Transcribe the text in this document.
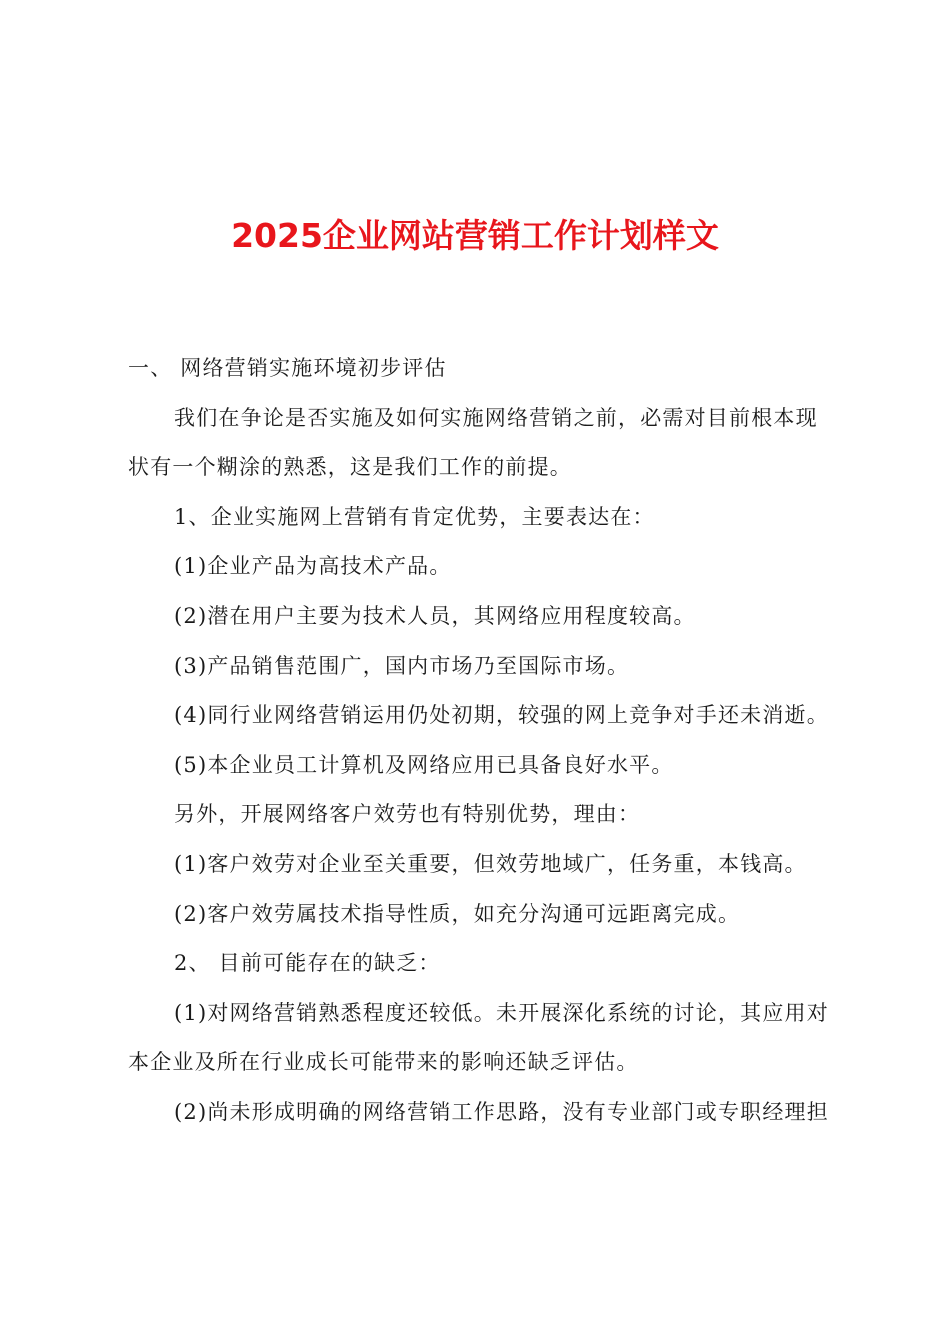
2025企业网站营销工作计划样文

一、 网络营销实施环境初步评估

我们在争论是否实施及如何实施网络营销之前，必需对目前根本现状有一个糊涂的熟悉，这是我们工作的前提。

1、企业实施网上营销有肯定优势，主要表达在：

(1)企业产品为高技术产品。

(2)潜在用户主要为技术人员，其网络应用程度较高。

(3)产品销售范围广，国内市场乃至国际市场。

(4)同行业网络营销运用仍处初期，较强的网上竞争对手还未消逝。

(5)本企业员工计算机及网络应用已具备良好水平。

另外，开展网络客户效劳也有特别优势，理由：

(1)客户效劳对企业至关重要，但效劳地域广，任务重，本钱高。

(2)客户效劳属技术指导性质，如充分沟通可远距离完成。

2、 目前可能存在的缺乏：

(1)对网络营销熟悉程度还较低。未开展深化系统的讨论，其应用对本企业及所在行业成长可能带来的影响还缺乏评估。

(2)尚未形成明确的网络营销工作思路，没有专业部门或专职经理担
